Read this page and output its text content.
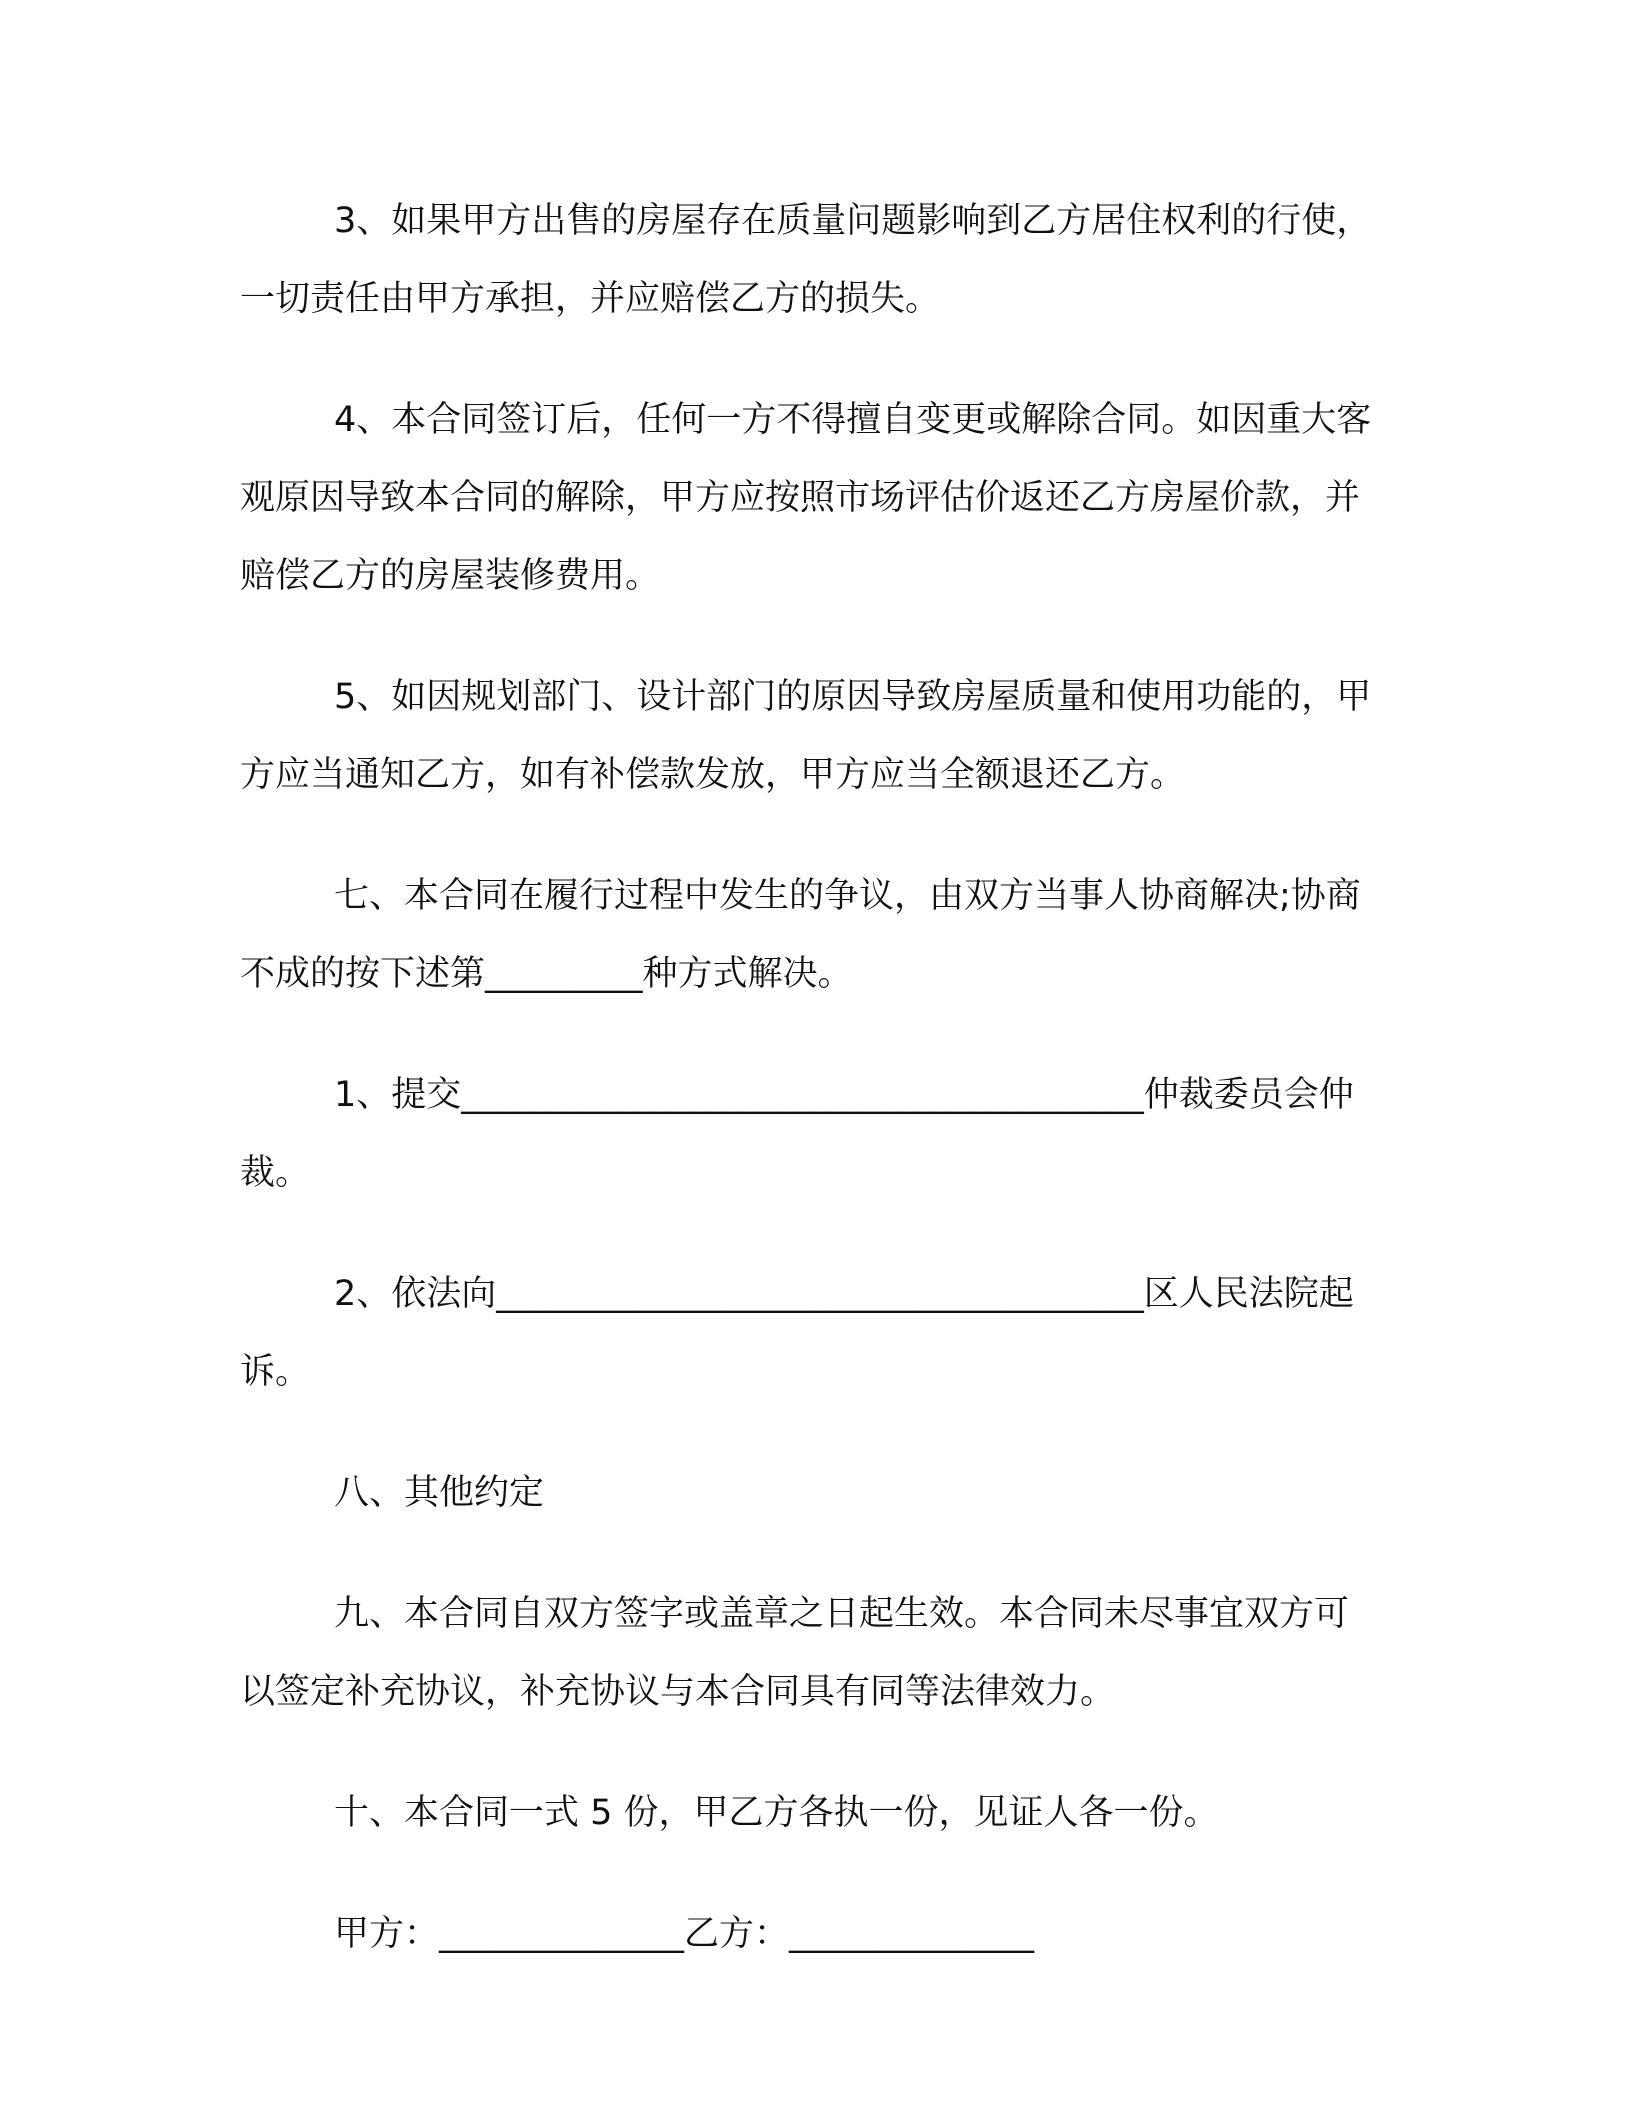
3、如果甲方出售的房屋存在质量问题影响到乙方居住权利的行使，一切责任由甲方承担，并应赔偿乙方的损失。

4、本合同签订后，任何一方不得擅自变更或解除合同。如因重大客观原因导致本合同的解除，甲方应按照市场评估价返还乙方房屋价款，并赔偿乙方的房屋装修费用。

5、如因规划部门、设计部门的原因导致房屋质量和使用功能的，甲方应当通知乙方，如有补偿款发放，甲方应当全额退还乙方。

七、本合同在履行过程中发生的争议，由双方当事人协商解决;协商不成的按下述第_________种方式解决。

1、提交_______________________________________仲裁委员会仲裁。

2、依法向_____________________________________区人民法院起诉。

八、其他约定

九、本合同自双方签字或盖章之日起生效。本合同未尽事宜双方可以签定补充协议，补充协议与本合同具有同等法律效力。

十、本合同一式 5 份，甲乙方各执一份，见证人各一份。

甲方：______________乙方：______________
